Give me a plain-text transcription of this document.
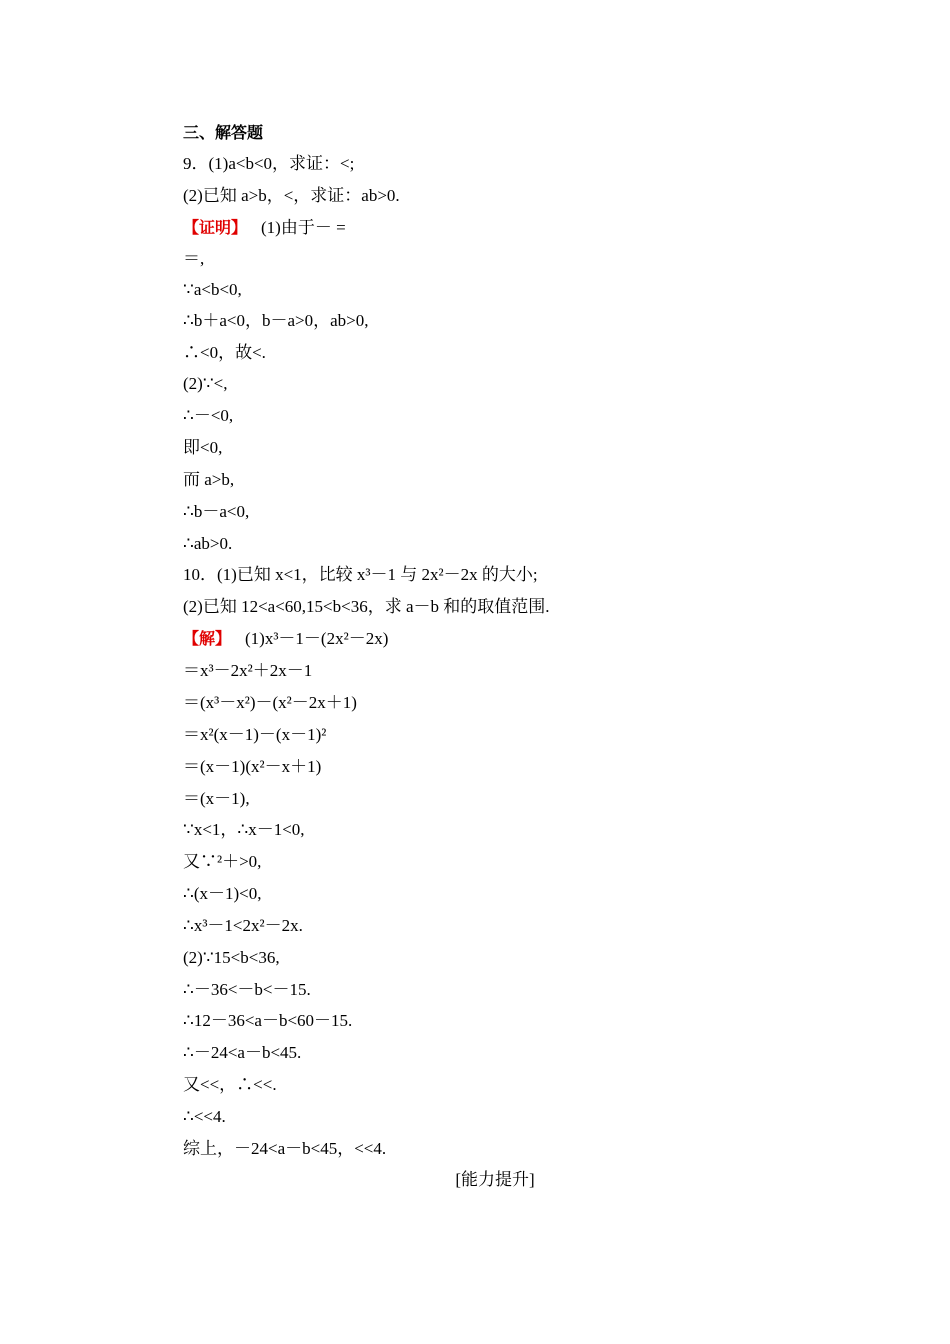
三、解答题
9．(1)a<b<0，求证：<;
(2)已知 a>b，<，求证：ab>0.
【证明】 (1)由于－ =
＝,
∵a<b<0,
∴b＋a<0，b－a>0，ab>0,
∴<0，故<.
(2)∵<,
∴－<0,
即<0,
而 a>b,
∴b－a<0,
∴ab>0.
10．(1)已知 x<1，比较 x³－1 与 2x²－2x 的大小;
(2)已知 12<a<60,15<b<36，求 a－b 和的取值范围.
【解】 (1)x³－1－(2x²－2x)
＝x³－2x²＋2x－1
＝(x³－x²)－(x²－2x＋1)
＝x²(x－1)－(x－1)²
＝(x－1)(x²－x＋1)
＝(x－1),
∵x<1，∴x－1<0,
又∵²＋>0,
∴(x－1)<0,
∴x³－1<2x²－2x.
(2)∵15<b<36,
∴－36<－b<－15.
∴12－36<a－b<60－15.
∴－24<a－b<45.
又<<，∴<<.
∴<<4.
综上，－24<a－b<45，<<4.
[能力提升]
